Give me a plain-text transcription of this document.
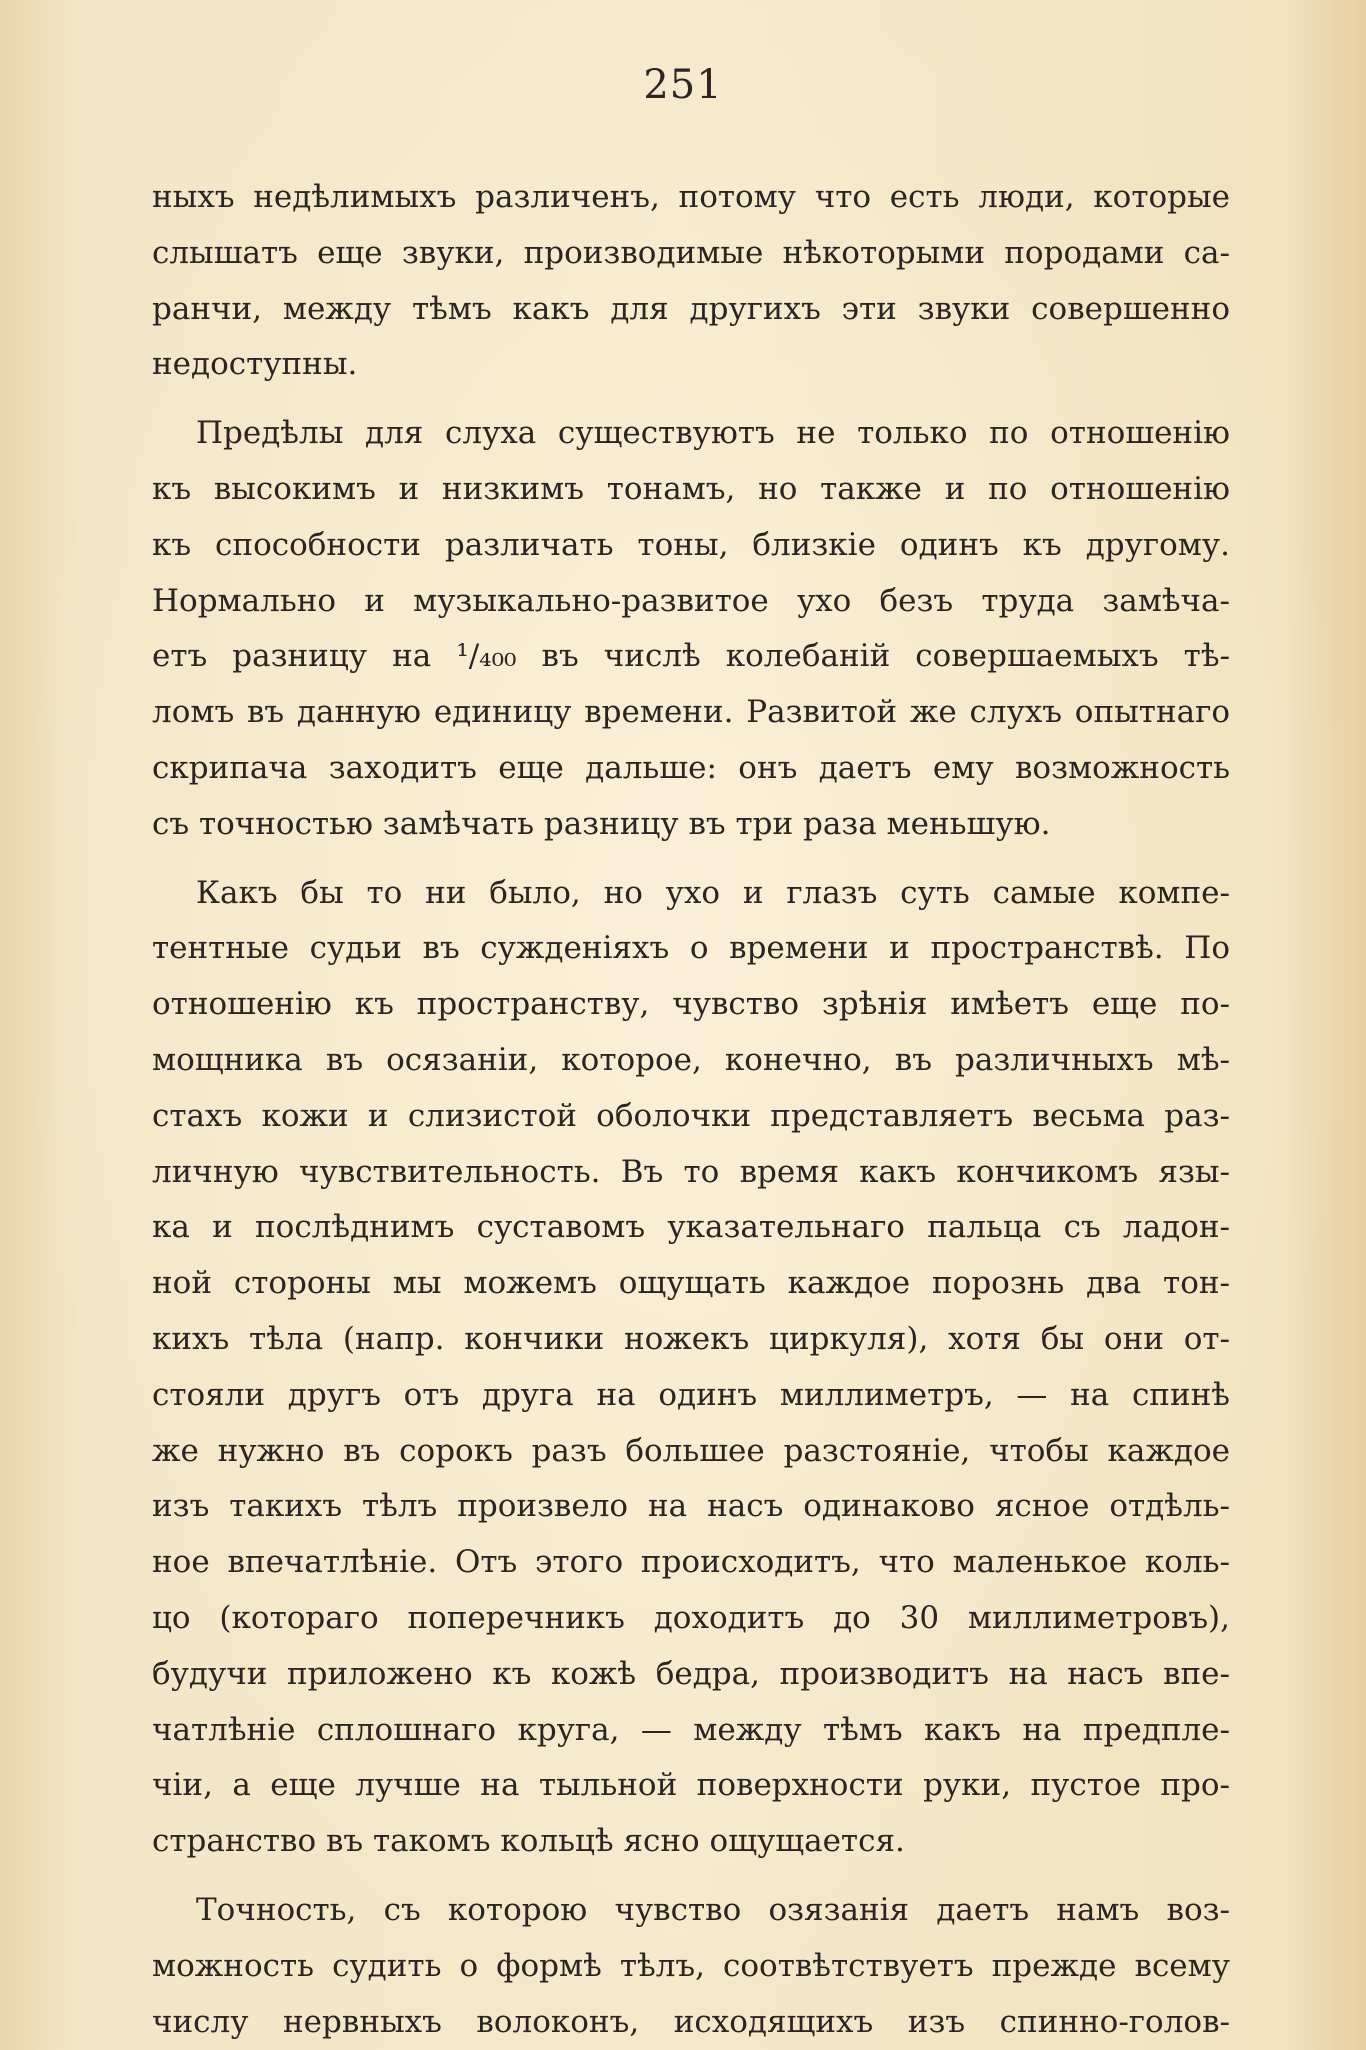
251
ныхъ недѣлимыхъ различенъ, потому что есть люди, которые
слышатъ еще звуки, производимые нѣкоторыми породами са-
ранчи, между тѣмъ какъ для другихъ эти звуки совершенно
недоступны.
Предѣлы для слуха существуютъ не только по отношенію
къ высокимъ и низкимъ тонамъ, но также и по отношенію
къ способности различать тоны, близкіе одинъ къ другому.
Нормально и музыкально-развитое ухо безъ труда замѣча-
етъ разницу на ¹/₄₀₀ въ числѣ колебаній совершаемыхъ тѣ-
ломъ въ данную единицу времени. Развитой же слухъ опытнаго
скрипача заходитъ еще дальше: онъ даетъ ему возможность
съ точностью замѣчать разницу въ три раза меньшую.
Какъ бы то ни было, но ухо и глазъ суть самые компе-
тентные судьи въ сужденіяхъ о времени и пространствѣ. По
отношенію къ пространству, чувство зрѣнія имѣетъ еще по-
мощника въ осязаніи, которое, конечно, въ различныхъ мѣ-
стахъ кожи и слизистой оболочки представляетъ весьма раз-
личную чувствительность. Въ то время какъ кончикомъ язы-
ка и послѣднимъ суставомъ указательнаго пальца съ ладон-
ной стороны мы можемъ ощущать каждое порознь два тон-
кихъ тѣла (напр. кончики ножекъ циркуля), хотя бы они от-
стояли другъ отъ друга на одинъ миллиметръ, — на спинѣ
же нужно въ сорокъ разъ большее разстояніе, чтобы каждое
изъ такихъ тѣлъ произвело на насъ одинаково ясное отдѣль-
ное впечатлѣніе. Отъ этого происходитъ, что маленькое коль-
цо (котораго поперечникъ доходитъ до 30 миллиметровъ),
будучи приложено къ кожѣ бедра, производитъ на насъ впе-
чатлѣніе сплошнаго круга, — между тѣмъ какъ на предпле-
чіи, а еще лучше на тыльной поверхности руки, пустое про-
странство въ такомъ кольцѣ ясно ощущается.
Точность, съ которою чувство озязанія даетъ намъ воз-
можность судить о формѣ тѣлъ, соотвѣтствуетъ прежде всему
числу нервныхъ волоконъ, исходящихъ изъ спинно-голов-
